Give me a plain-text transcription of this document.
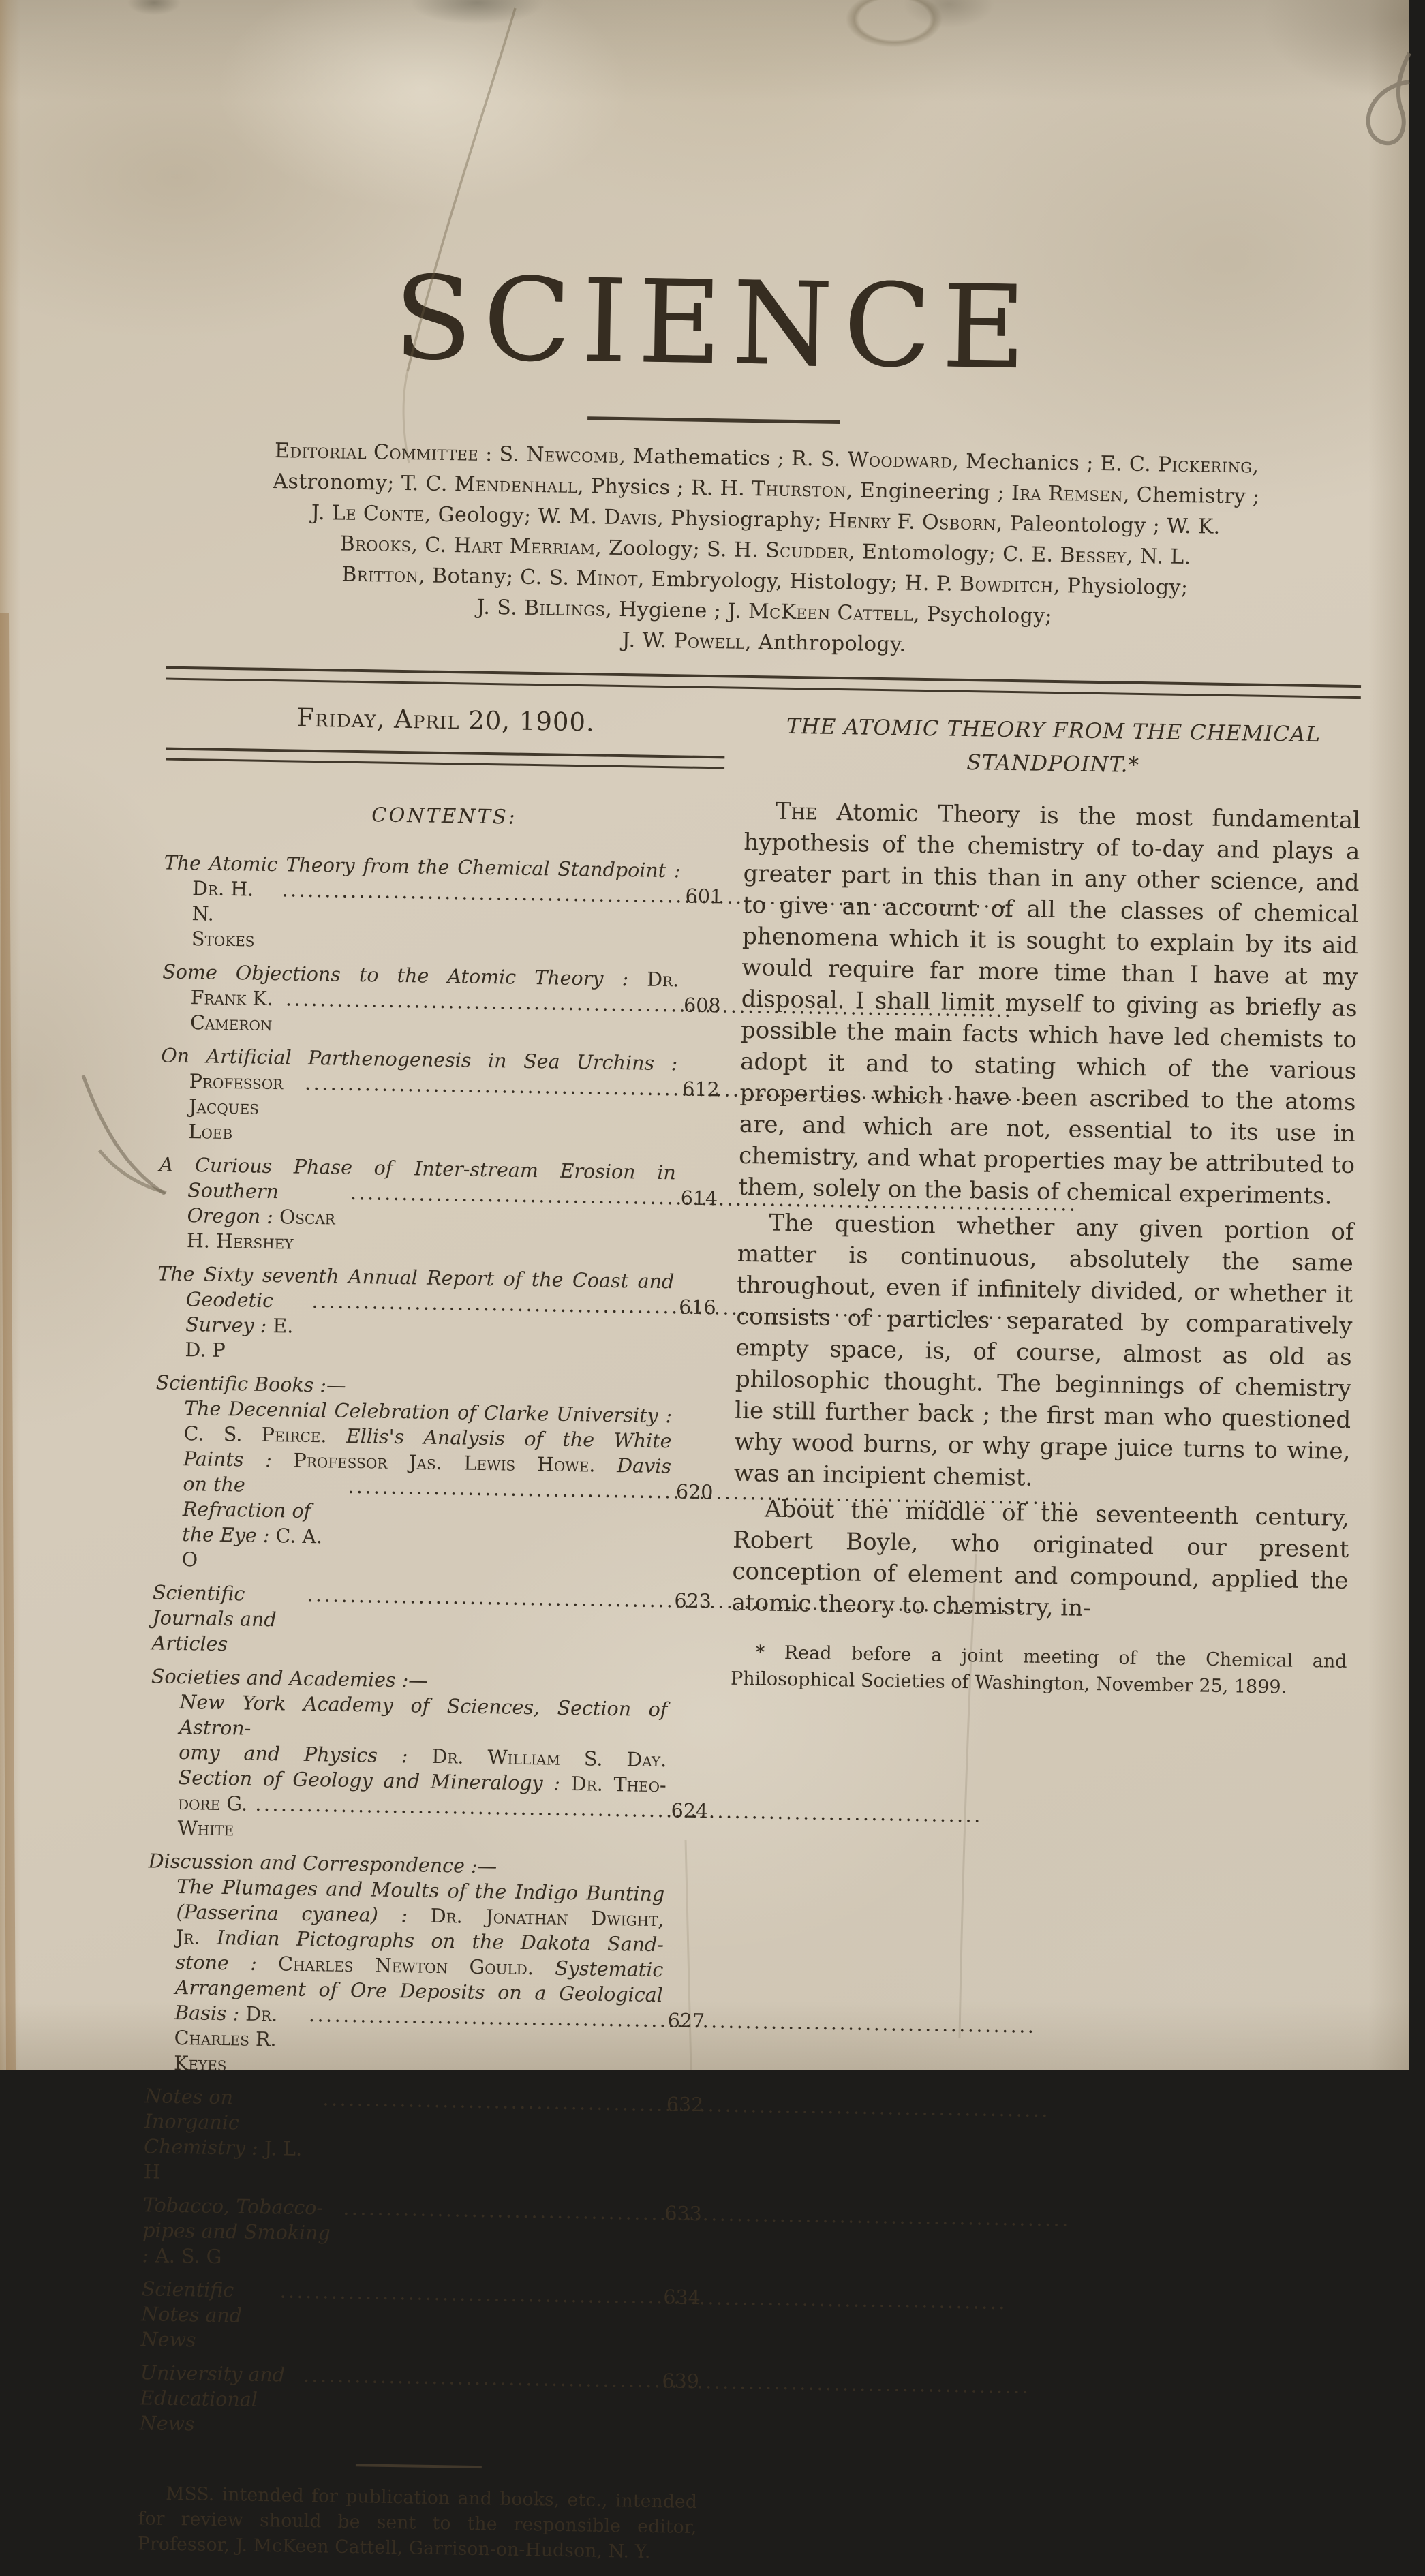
SCIENCE
Editorial Committee : S. Newcomb, Mathematics ; R. S. Woodward, Mechanics ; E. C. Pickering,
Astronomy; T. C. Mendenhall, Physics ; R. H. Thurston, Engineering ; Ira Remsen, Chemistry ;
J. Le Conte, Geology; W. M. Davis, Physiography; Henry F. Osborn, Paleontology ; W. K.
Brooks, C. Hart Merriam, Zoology; S. H. Scudder, Entomology; C. E. Bessey, N. L.
Britton, Botany; C. S. Minot, Embryology, Histology; H. P. Bowditch, Physiology;
J. S. Billings, Hygiene ; J. McKeen Cattell, Psychology;
J. W. Powell, Anthropology.
Friday, April 20, 1900.
CONTENTS:
The Atomic Theory from the Chemical Standpoint :
Dr. H. N. Stokes
.....
601
Some Objections to the Atomic Theory : Dr.
Frank K. Cameron
.....
608
On Artificial Parthenogenesis in Sea Urchins :
Professor Jacques Loeb
.....
612
A Curious Phase of Inter-stream Erosion in
Southern Oregon : Oscar H. Hershey
.....
614
The Sixty seventh Annual Report of the Coast and
Geodetic Survey : E. D. P
.....
616
Scientific Books :—
The Decennial Celebration of Clarke University :
C. S. Peirce. Ellis's Analysis of the White
Paints : Professor Jas. Lewis Howe. Davis
on the Refraction of the Eye : C. A. O
.....
620
Scientific Journals and Articles
.....
623
Societies and Academies :—
New York Academy of Sciences, Section of Astron-
omy and Physics : Dr. William S. Day.
Section of Geology and Mineralogy : Dr. Theo-
dore G. White
.....
624
Discussion and Correspondence :—
The Plumages and Moults of the Indigo Bunting
(Passerina cyanea) : Dr. Jonathan Dwight,
Jr. Indian Pictographs on the Dakota Sand-
stone : Charles Newton Gould. Systematic
Arrangement of Ore Deposits on a Geological
Basis : Dr. Charles R. Keyes
.....
627
Notes on Inorganic Chemistry : J. L. H
.....
632
Tobacco, Tobacco-pipes and Smoking : A. S. G
.....
633
Scientific Notes and News
.....
634
University and Educational News
.....
639
MSS. intended for publication and books, etc., intended for review should be sent to the responsible editor, Professor, J. McKeen Cattell, Garrison-on-Hudson, N. Y.
THE ATOMIC THEORY FROM THE CHEMICAL
STANDPOINT.*

The Atomic Theory is the most fundamental hypothesis of the chemistry of to-day and plays a greater part in this than in any other science, and to give an account of all the classes of chemical phenomena which it is sought to explain by its aid would require far more time than I have at my disposal. I shall limit myself to giving as briefly as possible the main facts which have led chemists to adopt it and to stating which of the various properties which have been ascribed to the atoms are, and which are not, essential to its use in chemistry, and what properties may be attributed to them, solely on the basis of chemical experiments.

The question whether any given portion of matter is continuous, absolutely the same throughout, even if infinitely divided, or whether it consists of particles separated by comparatively empty space, is, of course, almost as old as philosophic thought. The beginnings of chemistry lie still further back ; the first man who questioned why wood burns, or why grape juice turns to wine, was an incipient chemist.

About the middle of the seventeenth century, Robert Boyle, who originated our present conception of element and compound, applied the atomic theory to chemistry, in-

* Read before a joint meeting of the Chemical and Philosophical Societies of Washington, November 25, 1899.
